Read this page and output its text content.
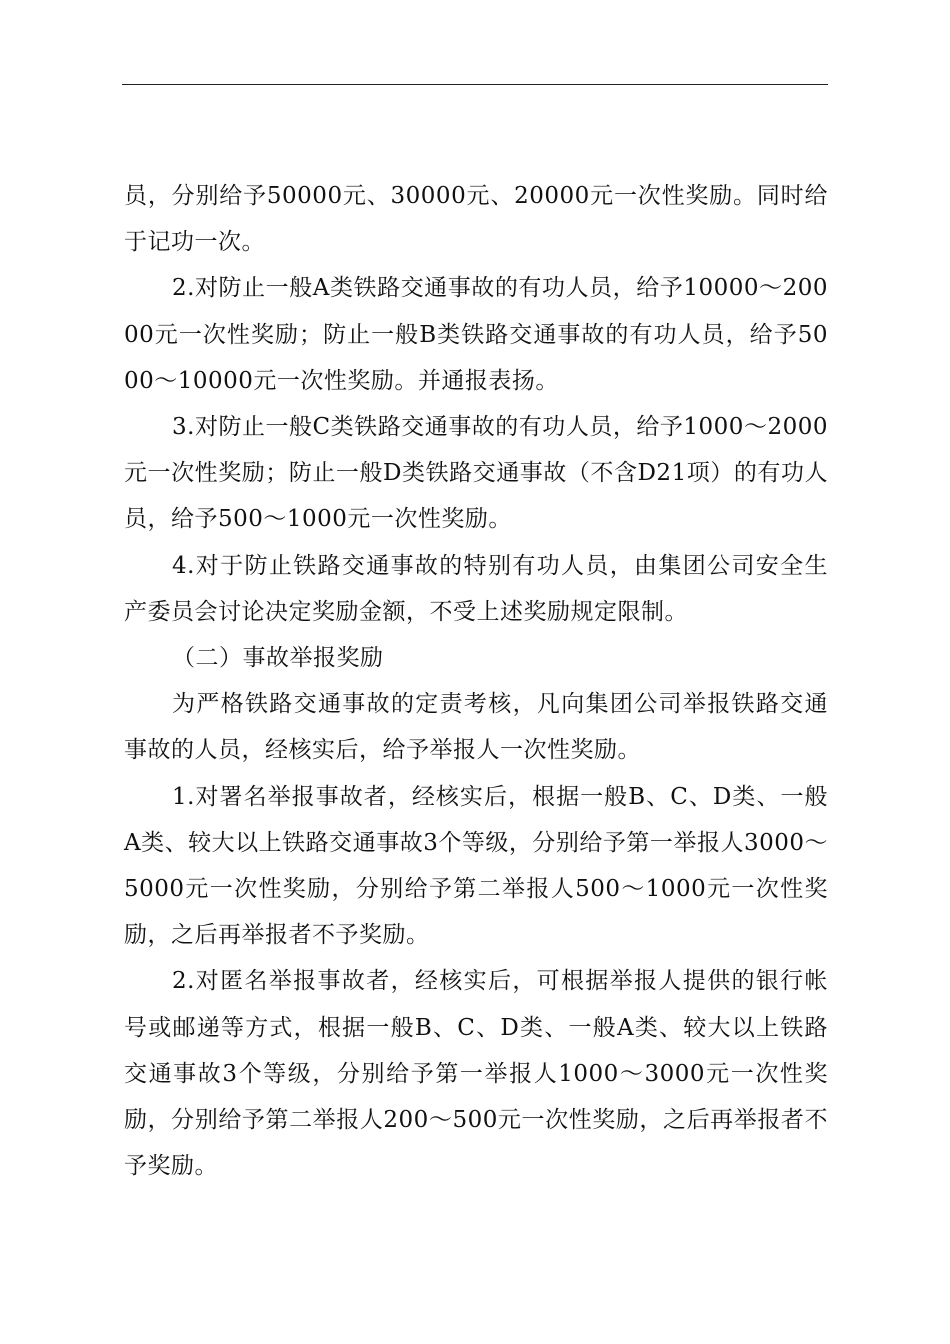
员，分别给予50000元、30000元、20000元一次性奖励。同时给于记功一次。

2.对防止一般A类铁路交通事故的有功人员，给予10000～20000元一次性奖励；防止一般B类铁路交通事故的有功人员，给予5000～10000元一次性奖励。并通报表扬。

3.对防止一般C类铁路交通事故的有功人员，给予1000～2000元一次性奖励；防止一般D类铁路交通事故（不含D21项）的有功人员，给予500～1000元一次性奖励。

4.对于防止铁路交通事故的特别有功人员，由集团公司安全生产委员会讨论决定奖励金额，不受上述奖励规定限制。

（二）事故举报奖励

为严格铁路交通事故的定责考核，凡向集团公司举报铁路交通事故的人员，经核实后，给予举报人一次性奖励。

1.对署名举报事故者，经核实后，根据一般B、C、D类、一般A类、较大以上铁路交通事故3个等级，分别给予第一举报人3000～5000元一次性奖励，分别给予第二举报人500～1000元一次性奖励，之后再举报者不予奖励。

2.对匿名举报事故者，经核实后，可根据举报人提供的银行帐号或邮递等方式，根据一般B、C、D类、一般A类、较大以上铁路交通事故3个等级，分别给予第一举报人1000～3000元一次性奖励，分别给予第二举报人200～500元一次性奖励，之后再举报者不予奖励。
